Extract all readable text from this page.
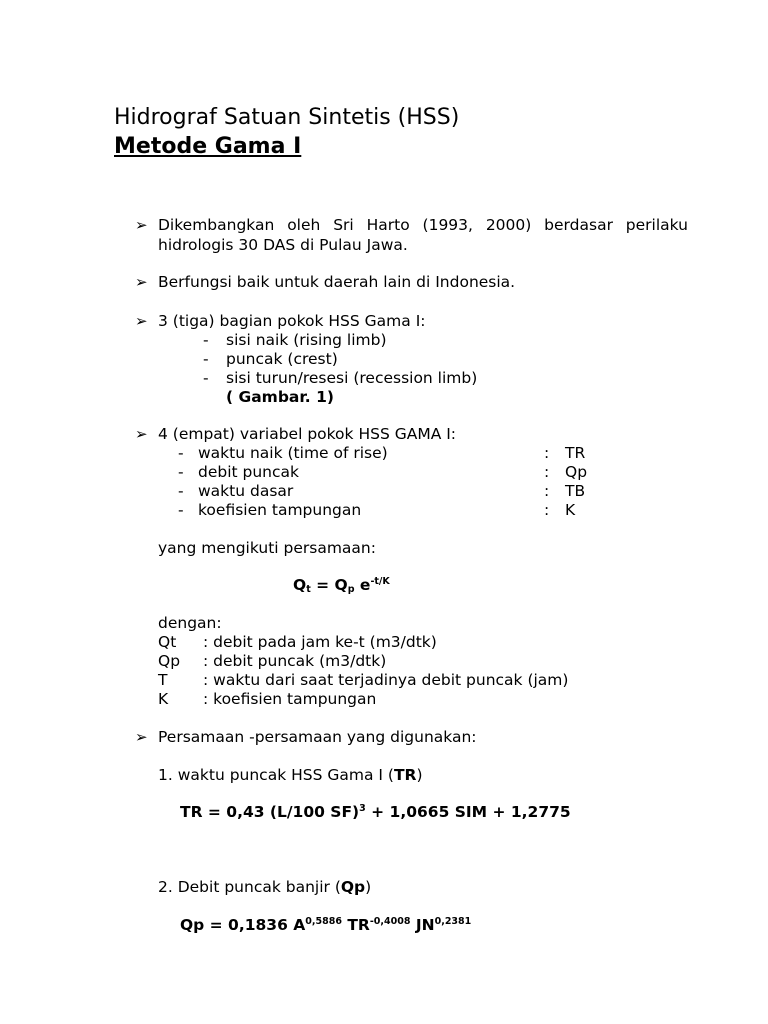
Hidrograf Satuan Sintetis (HSS)
Metode Gama I
➢ Dikembangkan oleh Sri Harto (1993, 2000) berdasar perilaku hidrologis 30 DAS di Pulau Jawa.
➢ Berfungsi baik untuk daerah lain di Indonesia.
➢ 3 (tiga) bagian pokok HSS Gama I:
- sisi naik (rising limb)
- puncak (crest)
- sisi turun/resesi (recession limb)
( Gambar. 1)
➢ 4 (empat) variabel pokok HSS GAMA I:
- waktu naik (time of rise)	: TR
- debit puncak	: Qp
- waktu dasar	: TB
- koefisien tampungan	: K
yang mengikuti persamaan:
$Q_t = Q_p$ $e^{-t/K}$
dengan:
Qt : debit pada jam ke-t (m3/dtk)
Qp : debit puncak (m3/dtk)
T : waktu dari saat terjadinya debit puncak (jam)
K : koefisien tampungan
➢ Persamaan -persamaan yang digunakan:
1. waktu puncak HSS Gama I (TR)
TR = 0,43 (L/100 SF)$^3$ + 1,0665 SIM + 1,2775
2. Debit puncak banjir (Qp)
Qp = 0,1836 $A^{0,5886}$ $TR^{-0,4008}$ $JN^{0,2381}$
